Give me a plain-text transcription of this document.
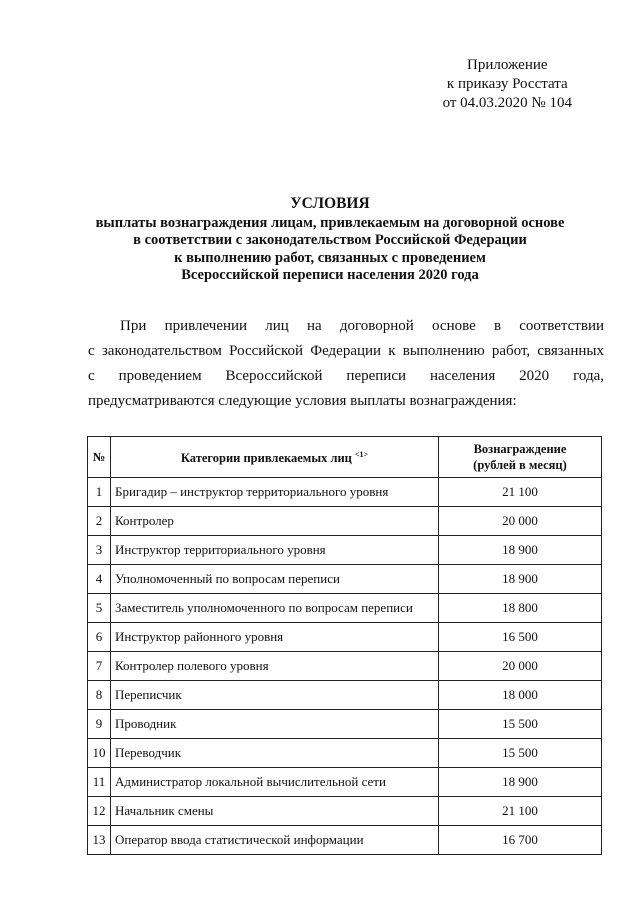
Приложение
к приказу Росстата
от 04.03.2020 № 104
УСЛОВИЯ
выплаты вознаграждения лицам, привлекаемым на договорной основе
в соответствии с законодательством Российской Федерации
к выполнению работ, связанных с проведением
Всероссийской переписи населения 2020 года
При привлечении лиц на договорной основе в соответствии
с законодательством Российской Федерации к выполнению работ, связанных
с проведением Всероссийской переписи населения 2020 года,
предусматриваются следующие условия выплаты вознаграждения:
№	Категории привлекаемых лиц $^{<1>}$	Вознаграждение
(рублей в месяц)

1	Бригадир – инструктор территориального уровня	21 100
2	Контролер	20 000
3	Инструктор территориального уровня	18 900
4	Уполномоченный по вопросам переписи	18 900
5	Заместитель уполномоченного по вопросам переписи	18 800
6	Инструктор районного уровня	16 500
7	Контролер полевого уровня	20 000
8	Переписчик	18 000
9	Проводник	15 500
10	Переводчик	15 500
11	Администратор локальной вычислительной сети	18 900
12	Начальник смены	21 100
13	Оператор ввода статистической информации	16 700
